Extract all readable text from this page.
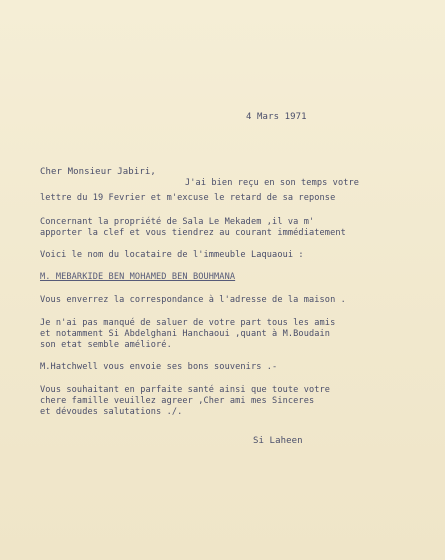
4 Mars 1971
Cher Monsieur Jabiri,
J'ai bien reçu en son temps votre
lettre du 19 Fevrier et m'excuse le retard de sa reponse
Concernant la propriété de Sala Le Mekadem ,il va m'
apporter la clef et vous tiendrez au courant immédiatement
Voici le nom du locataire de l'immeuble Laquaoui :
M. MEBARKIDE BEN MOHAMED BEN BOUHMANA
Vous enverrez la correspondance à l'adresse de la maison .
Je n'ai pas manqué de saluer de votre part tous les amis
et notamment Si Abdelghani Hanchaoui ,quant à M.Boudain
son etat semble amélioré.
M.Hatchwell vous envoie ses bons souvenirs .-
Vous souhaitant en parfaite santé ainsi que toute votre
chere famille veuillez agreer ,Cher ami mes Sinceres
et dévoudes salutations ./.
Si Laheen
